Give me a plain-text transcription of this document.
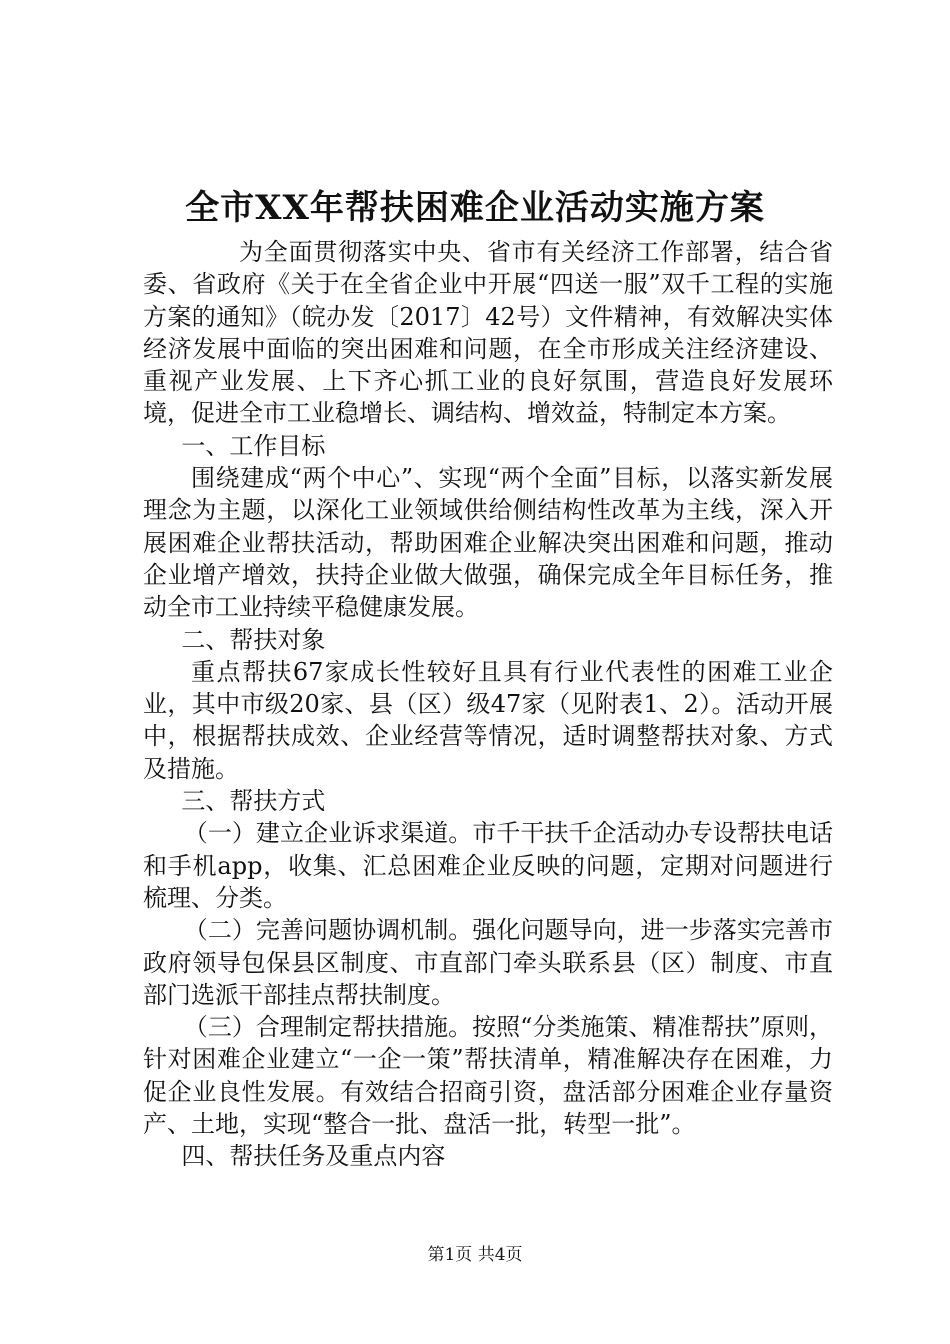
全市XX年帮扶困难企业活动实施方案

为全面贯彻落实中央、省市有关经济工作部署，结合省委、省政府《关于在全省企业中开展“四送一服”双千工程的实施方案的通知》（皖办发〔2017〕42号）文件精神，有效解决实体经济发展中面临的突出困难和问题，在全市形成关注经济建设、重视产业发展、上下齐心抓工业的良好氛围，营造良好发展环境，促进全市工业稳增长、调结构、增效益，特制定本方案。

一、工作目标

围绕建成“两个中心”、实现“两个全面”目标，以落实新发展理念为主题，以深化工业领域供给侧结构性改革为主线，深入开展困难企业帮扶活动，帮助困难企业解决突出困难和问题，推动企业增产增效，扶持企业做大做强，确保完成全年目标任务，推动全市工业持续平稳健康发展。

二、帮扶对象

重点帮扶67家成长性较好且具有行业代表性的困难工业企业，其中市级20家、县（区）级47家（见附表1、2）。活动开展中，根据帮扶成效、企业经营等情况，适时调整帮扶对象、方式及措施。

三、帮扶方式

（一）建立企业诉求渠道。市千干扶千企活动办专设帮扶电话和手机app，收集、汇总困难企业反映的问题，定期对问题进行梳理、分类。

（二）完善问题协调机制。强化问题导向，进一步落实完善市政府领导包保县区制度、市直部门牵头联系县（区）制度、市直部门选派干部挂点帮扶制度。

（三）合理制定帮扶措施。按照“分类施策、精准帮扶”原则，针对困难企业建立“一企一策”帮扶清单，精准解决存在困难，力促企业良性发展。有效结合招商引资，盘活部分困难企业存量资产、土地，实现“整合一批、盘活一批，转型一批”。

四、帮扶任务及重点内容

第1页 共4页
